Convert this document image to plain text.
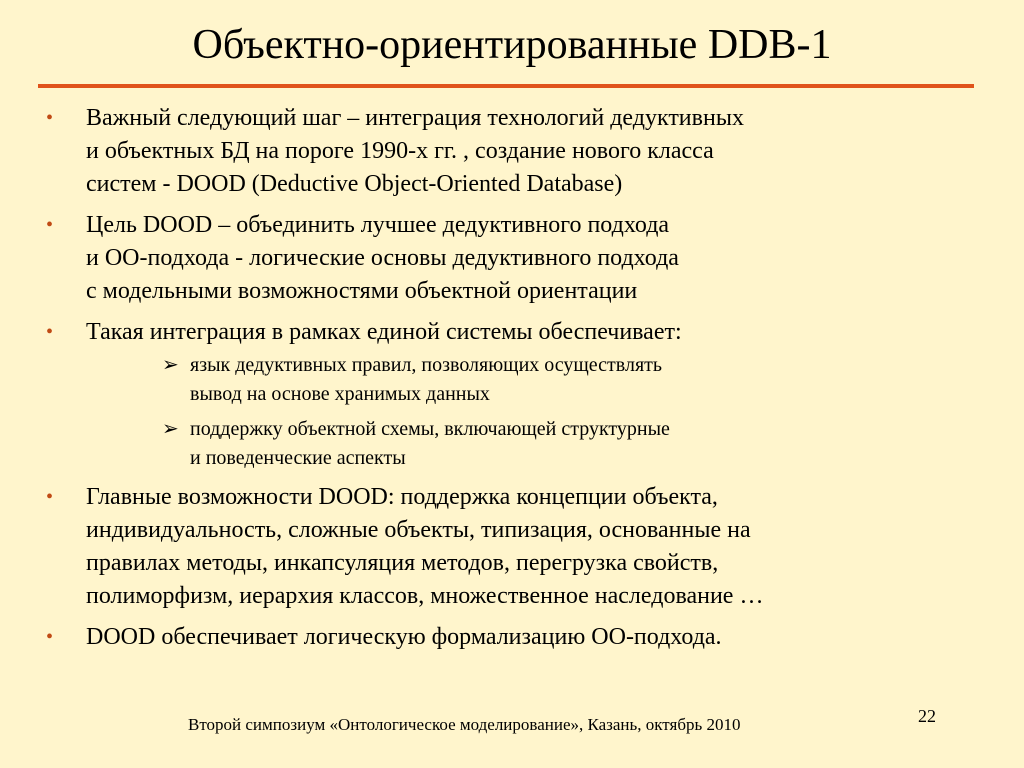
Объектно-ориентированные DDB-1
• Важный следующий шаг – интеграция технологий дедуктивных
и объектных БД на пороге 1990-х гг. , создание нового класса
систем - DOOD (Deductive Object-Oriented Database)
• Цель DOOD – объединить лучшее дедуктивного подхода
и ОО-подхода - логические основы дедуктивного подхода
с модельными возможностями объектной ориентации
• Такая интеграция в рамках единой системы обеспечивает:
➢ язык дедуктивных правил, позволяющих осуществлять
вывод на основе хранимых данных
➢ поддержку объектной схемы, включающей структурные
и поведенческие аспекты
• Главные возможности DOOD: поддержка концепции объекта,
индивидуальность, сложные объекты, типизация, основанные на
правилах методы, инкапсуляция методов, перегрузка свойств,
полиморфизм, иерархия классов, множественное наследование …
• DOOD обеспечивает логическую формализацию ОО-подхода.
Второй симпозиум «Онтологическое моделирование», Казань, октябрь 2010	22
